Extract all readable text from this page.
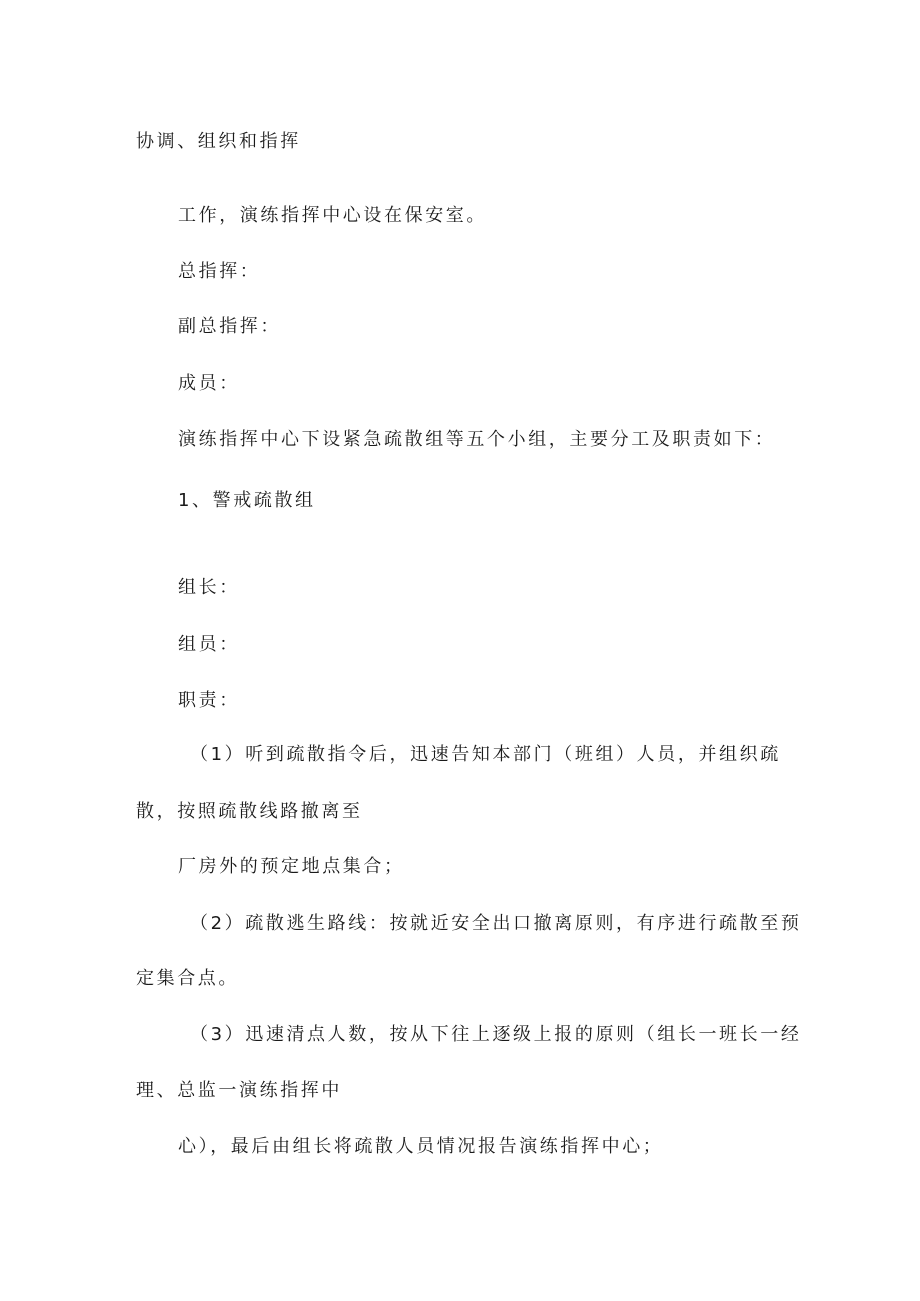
协调、组织和指挥
工作，演练指挥中心设在保安室。
总指挥：
副总指挥：
成员：
演练指挥中心下设紧急疏散组等五个小组，主要分工及职责如下：
1、警戒疏散组
组长：
组员：
职责：
（1）听到疏散指令后，迅速告知本部门（班组）人员，并组织疏
散，按照疏散线路撤离至
厂房外的预定地点集合；
（2）疏散逃生路线：按就近安全出口撤离原则，有序进行疏散至预
定集合点。
（3）迅速清点人数，按从下往上逐级上报的原则（组长一班长一经
理、总监一演练指挥中
心），最后由组长将疏散人员情况报告演练指挥中心；
